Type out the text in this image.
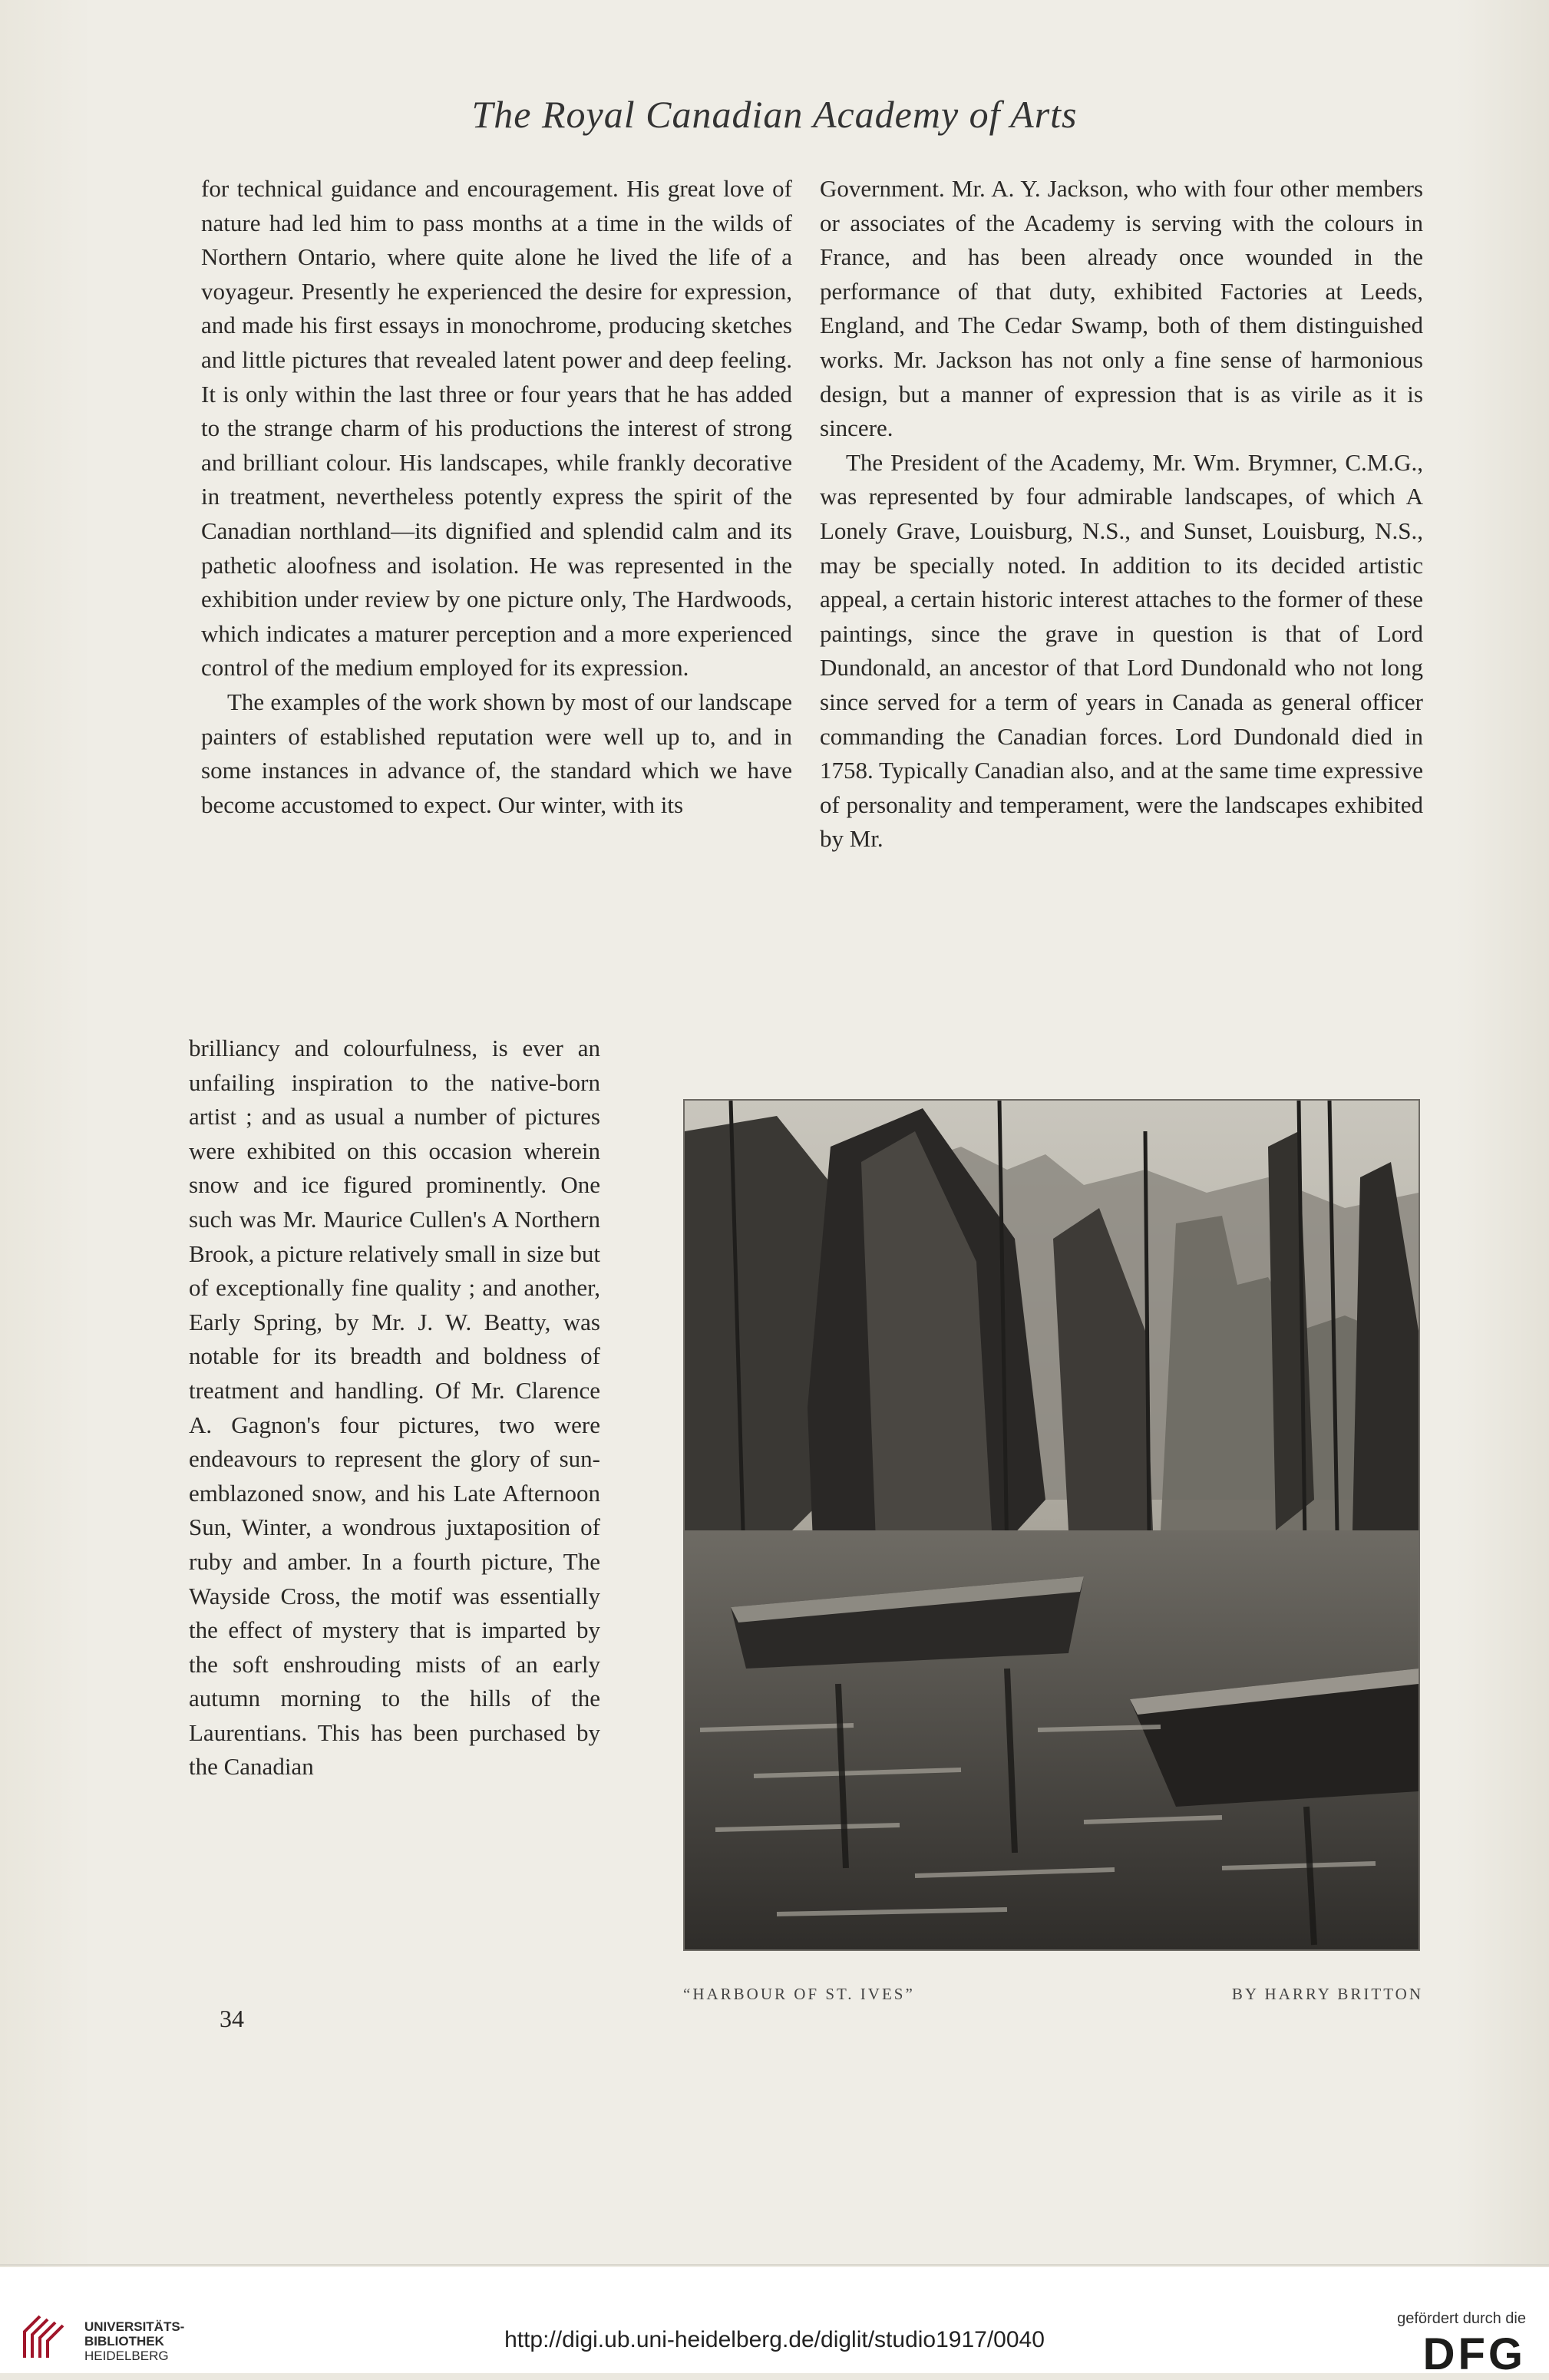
The Royal Canadian Academy of Arts

for technical guidance and encouragement. His great love of nature had led him to pass months at a time in the wilds of Northern Ontario, where quite alone he lived the life of a voyageur. Presently he experienced the desire for expression, and made his first essays in monochrome, producing sketches and little pictures that revealed latent power and deep feeling. It is only within the last three or four years that he has added to the strange charm of his productions the interest of strong and brilliant colour. His landscapes, while frankly decorative in treatment, nevertheless potently express the spirit of the Canadian northland—its dignified and splendid calm and its pathetic aloofness and isolation. He was represented in the exhibition under review by one picture only, The Hardwoods, which indicates a maturer perception and a more experienced control of the medium employed for its expression.

The examples of the work shown by most of our landscape painters of established reputation were well up to, and in some instances in advance of, the standard which we have become accustomed to expect. Our winter, with its

brilliancy and colourfulness, is ever an unfailing inspiration to the native-born artist ; and as usual a number of pictures were exhibited on this occasion wherein snow and ice figured prominently. One such was Mr. Maurice Cullen's A Northern Brook, a picture relatively small in size but of exceptionally fine quality ; and another, Early Spring, by Mr. J. W. Beatty, was notable for its breadth and boldness of treatment and handling. Of Mr. Clarence A. Gagnon's four pictures, two were endeavours to represent the glory of sun-emblazoned snow, and his Late Afternoon Sun, Winter, a wondrous juxtaposition of ruby and amber. In a fourth picture, The Wayside Cross, the motif was essentially the effect of mystery that is imparted by the soft enshrouding mists of an early autumn morning to the hills of the Laurentians. This has been purchased by the Canadian

Government. Mr. A. Y. Jackson, who with four other members or associates of the Academy is serving with the colours in France, and has been already once wounded in the performance of that duty, exhibited Factories at Leeds, England, and The Cedar Swamp, both of them distinguished works. Mr. Jackson has not only a fine sense of harmonious design, but a manner of expression that is as virile as it is sincere.

The President of the Academy, Mr. Wm. Brymner, C.M.G., was represented by four admirable landscapes, of which A Lonely Grave, Louisburg, N.S., and Sunset, Louisburg, N.S., may be specially noted. In addition to its decided artistic appeal, a certain historic interest attaches to the former of these paintings, since the grave in question is that of Lord Dundonald, an ancestor of that Lord Dundonald who not long since served for a term of years in Canada as general officer commanding the Canadian forces. Lord Dundonald died in 1758. Typically Canadian also, and at the same time expressive of personality and temperament, were the landscapes exhibited by Mr.

“HARBOUR OF ST. IVES”	BY HARRY BRITTON
34
UNIVERSITÄTS-
BIBLIOTHEK
HEIDELBERG
http://digi.ub.uni-heidelberg.de/diglit/studio1917/0040
gefördert durch die
DFG
